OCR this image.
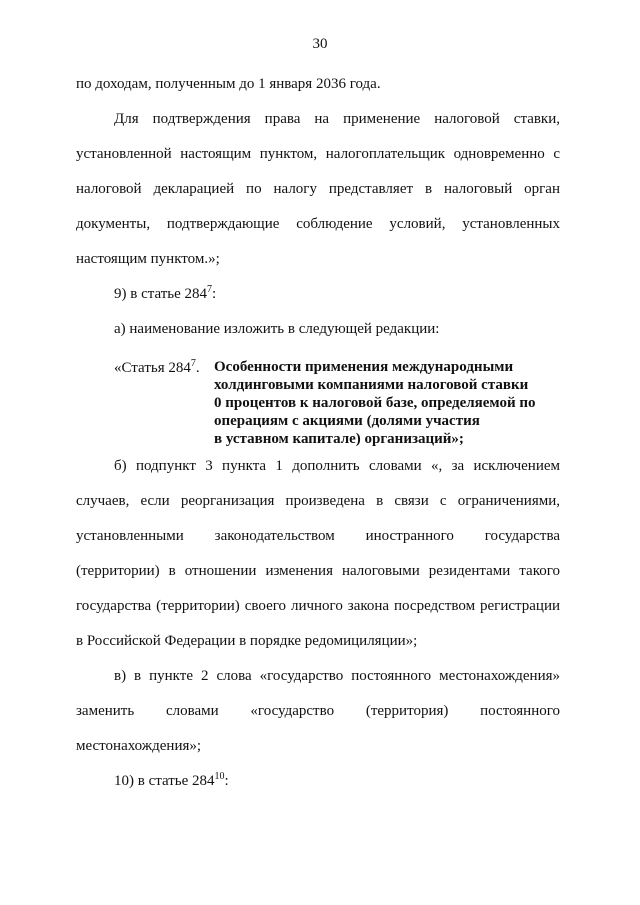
30
по доходам, полученным до 1 января 2036 года.
Для подтверждения права на применение налоговой ставки,
установленной настоящим пунктом, налогоплательщик одновременно с
налоговой декларацией по налогу представляет в налоговый орган
документы, подтверждающие соблюдение условий, установленных
настоящим пунктом.»;
9) в статье $284^7$:
а) наименование изложить в следующей редакции:
«Статья $284^7$. Особенности применения международными
холдинговыми компаниями налоговой ставки
0 процентов к налоговой базе, определяемой по
операциям с акциями (долями участия
в уставном капитале) организаций»;
б) подпункт 3 пункта 1 дополнить словами «, за исключением
случаев, если реорганизация произведена в связи с ограничениями,
установленными законодательством иностранного государства
(территории) в отношении изменения налоговыми резидентами такого
государства (территории) своего личного закона посредством регистрации
в Российской Федерации в порядке редомициляции»;
в) в пункте 2 слова «государство постоянного местонахождения»
заменить словами «государство (территория) постоянного
местонахождения»;
10) в статье $284^{10}$:
